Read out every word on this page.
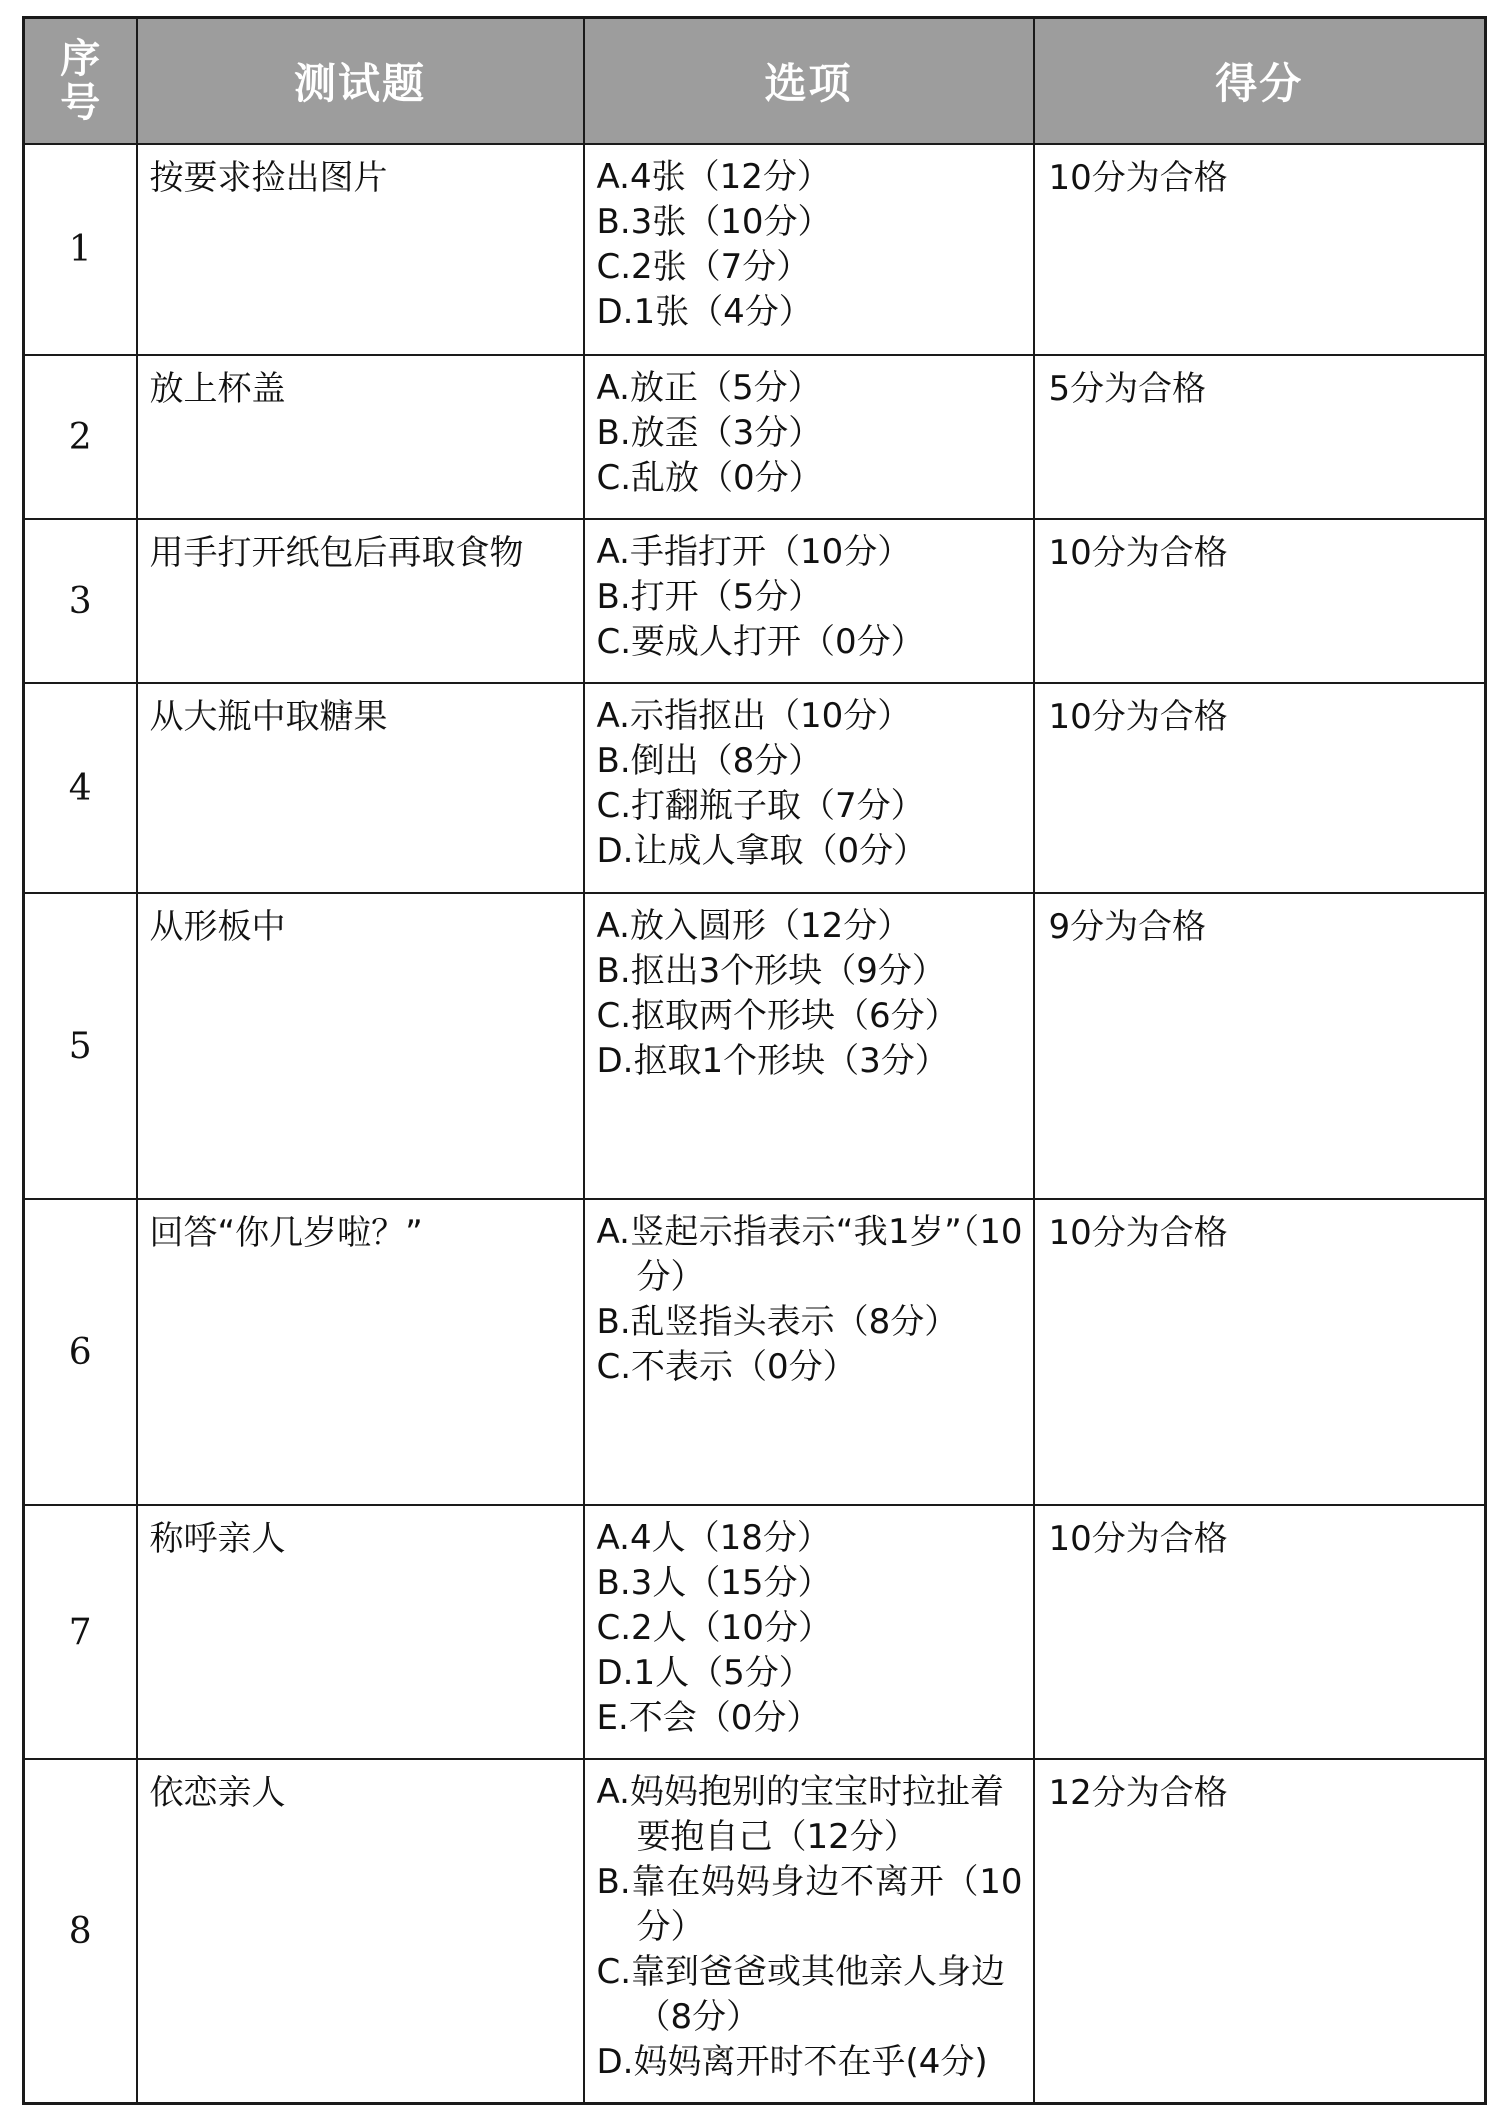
序
号	测试题	选项	得分
1	按要求捡出图片	A.4张（12分）
B.3张（10分）
C.2张（7分）
D.1张（4分）	10分为合格
2	放上杯盖	A.放正（5分）
B.放歪（3分）
C.乱放（0分）	5分为合格
3	用手打开纸包后再取食物	A.手指打开（10分）
B.打开（5分）
C.要成人打开（0分）	10分为合格
4	从大瓶中取糖果	A.示指抠出（10分）
B.倒出（8分）
C.打翻瓶子取（7分）
D.让成人拿取（0分）	10分为合格
5	从形板中	A.放入圆形（12分）
B.抠出3个形块（9分）
C.抠取两个形块（6分）
D.抠取1个形块（3分）	9分为合格
6	回答“你几岁啦？”	A.竖起示指表示“我1岁”（10分）
B.乱竖指头表示（8分）
C.不表示（0分）	10分为合格
7	称呼亲人	A.4人（18分）
B.3人（15分）
C.2人（10分）
D.1人（5分）
E.不会（0分）	10分为合格
8	依恋亲人	A.妈妈抱别的宝宝时拉扯着要抱自己（12分）
B.靠在妈妈身边不离开（10分）
C.靠到爸爸或其他亲人身边（8分）
D.妈妈离开时不在乎(4分)	12分为合格
